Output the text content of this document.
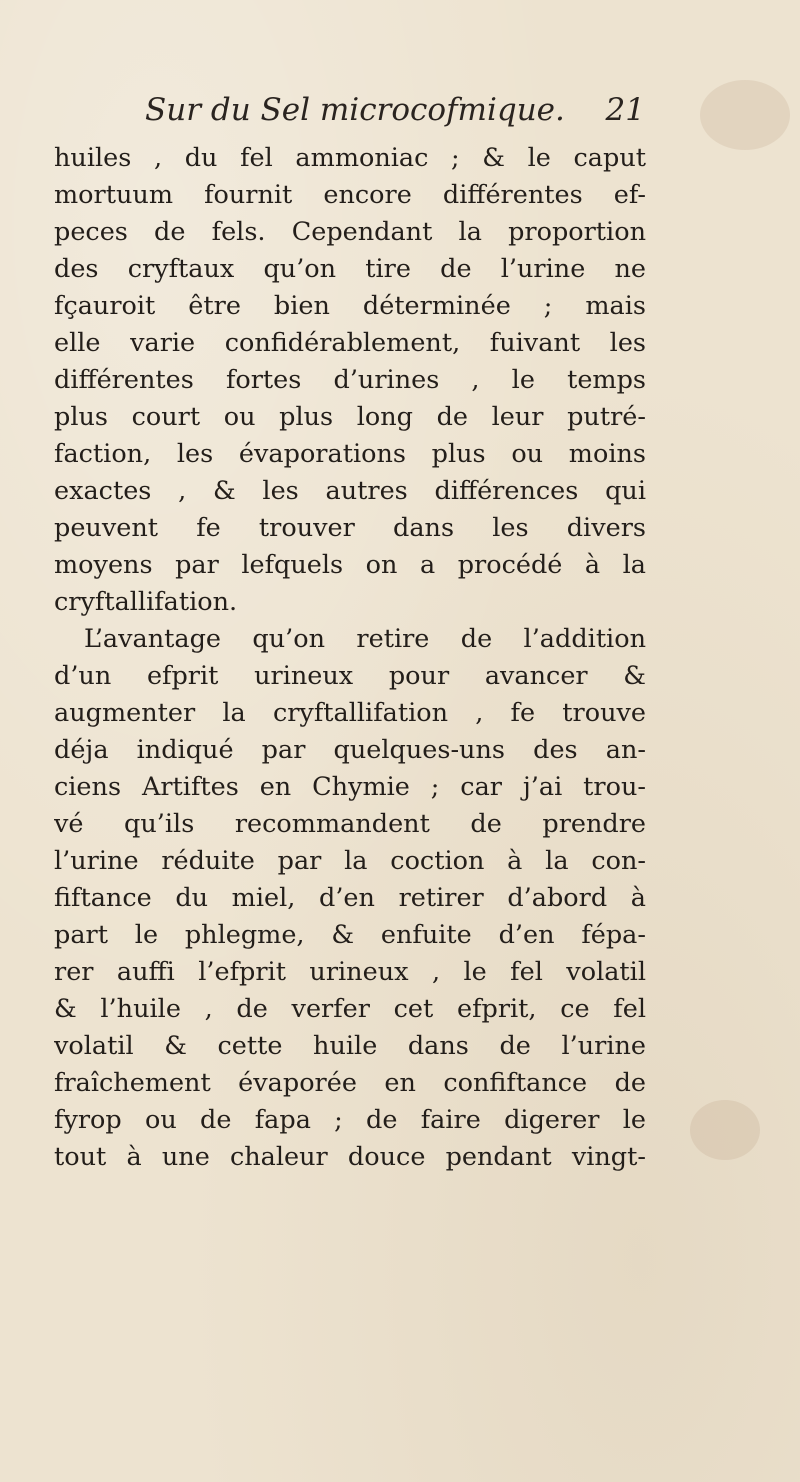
Sur du Sel microcofmique. 21
huiles , du fel ammoniac ; & le caput
mortuum fournit encore différentes ef-
peces de fels. Cependant la proportion
des cryftaux qu’on tire de l’urine ne
fçauroit être bien déterminée ; mais
elle varie confidérablement, fuivant les
différentes fortes d’urines , le temps
plus court ou plus long de leur putré-
faction, les évaporations plus ou moins
exactes , & les autres différences qui
peuvent fe trouver dans les divers
moyens par lefquels on a procédé à la
cryftallifation.
L’avantage qu’on retire de l’addition
d’un efprit urineux pour avancer &
augmenter la cryftallifation , fe trouve
déja indiqué par quelques-uns des an-
ciens Artiftes en Chymie ; car j’ai trou-
vé qu’ils recommandent de prendre
l’urine réduite par la coction à la con-
fiftance du miel, d’en retirer d’abord à
part le phlegme, & enfuite d’en fépa-
rer auffi l’efprit urineux , le fel volatil
& l’huile , de verfer cet efprit, ce fel
volatil & cette huile dans de l’urine
fraîchement évaporée en confiftance de
fyrop ou de fapa ; de faire digerer le
tout à une chaleur douce pendant vingt-
